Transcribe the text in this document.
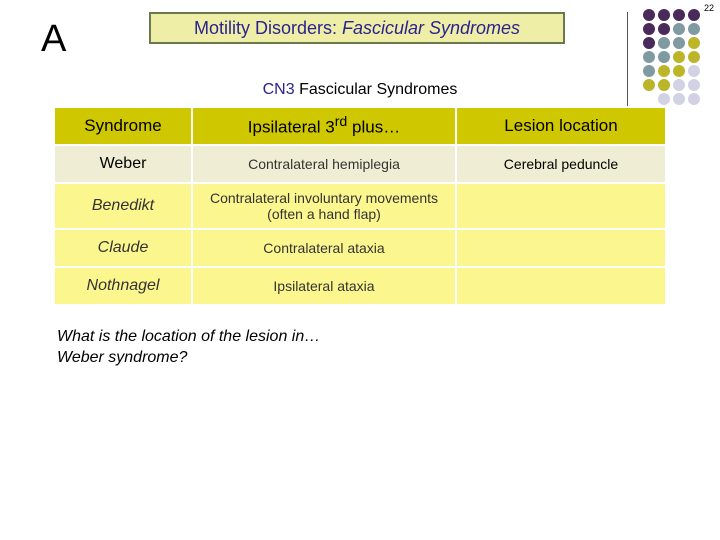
22
A	Motility Disorders: Fascicular Syndromes
CN3 Fascicular Syndromes
Syndrome	Ipsilateral 3rd plus…	Lesion location
Weber	Contralateral hemiplegia	Cerebral peduncle
Benedikt	Contralateral involuntary movements (often a hand flap)	
Claude	Contralateral ataxia	
Nothnagel	Ipsilateral ataxia	
What is the location of the lesion in…
Weber syndrome?
